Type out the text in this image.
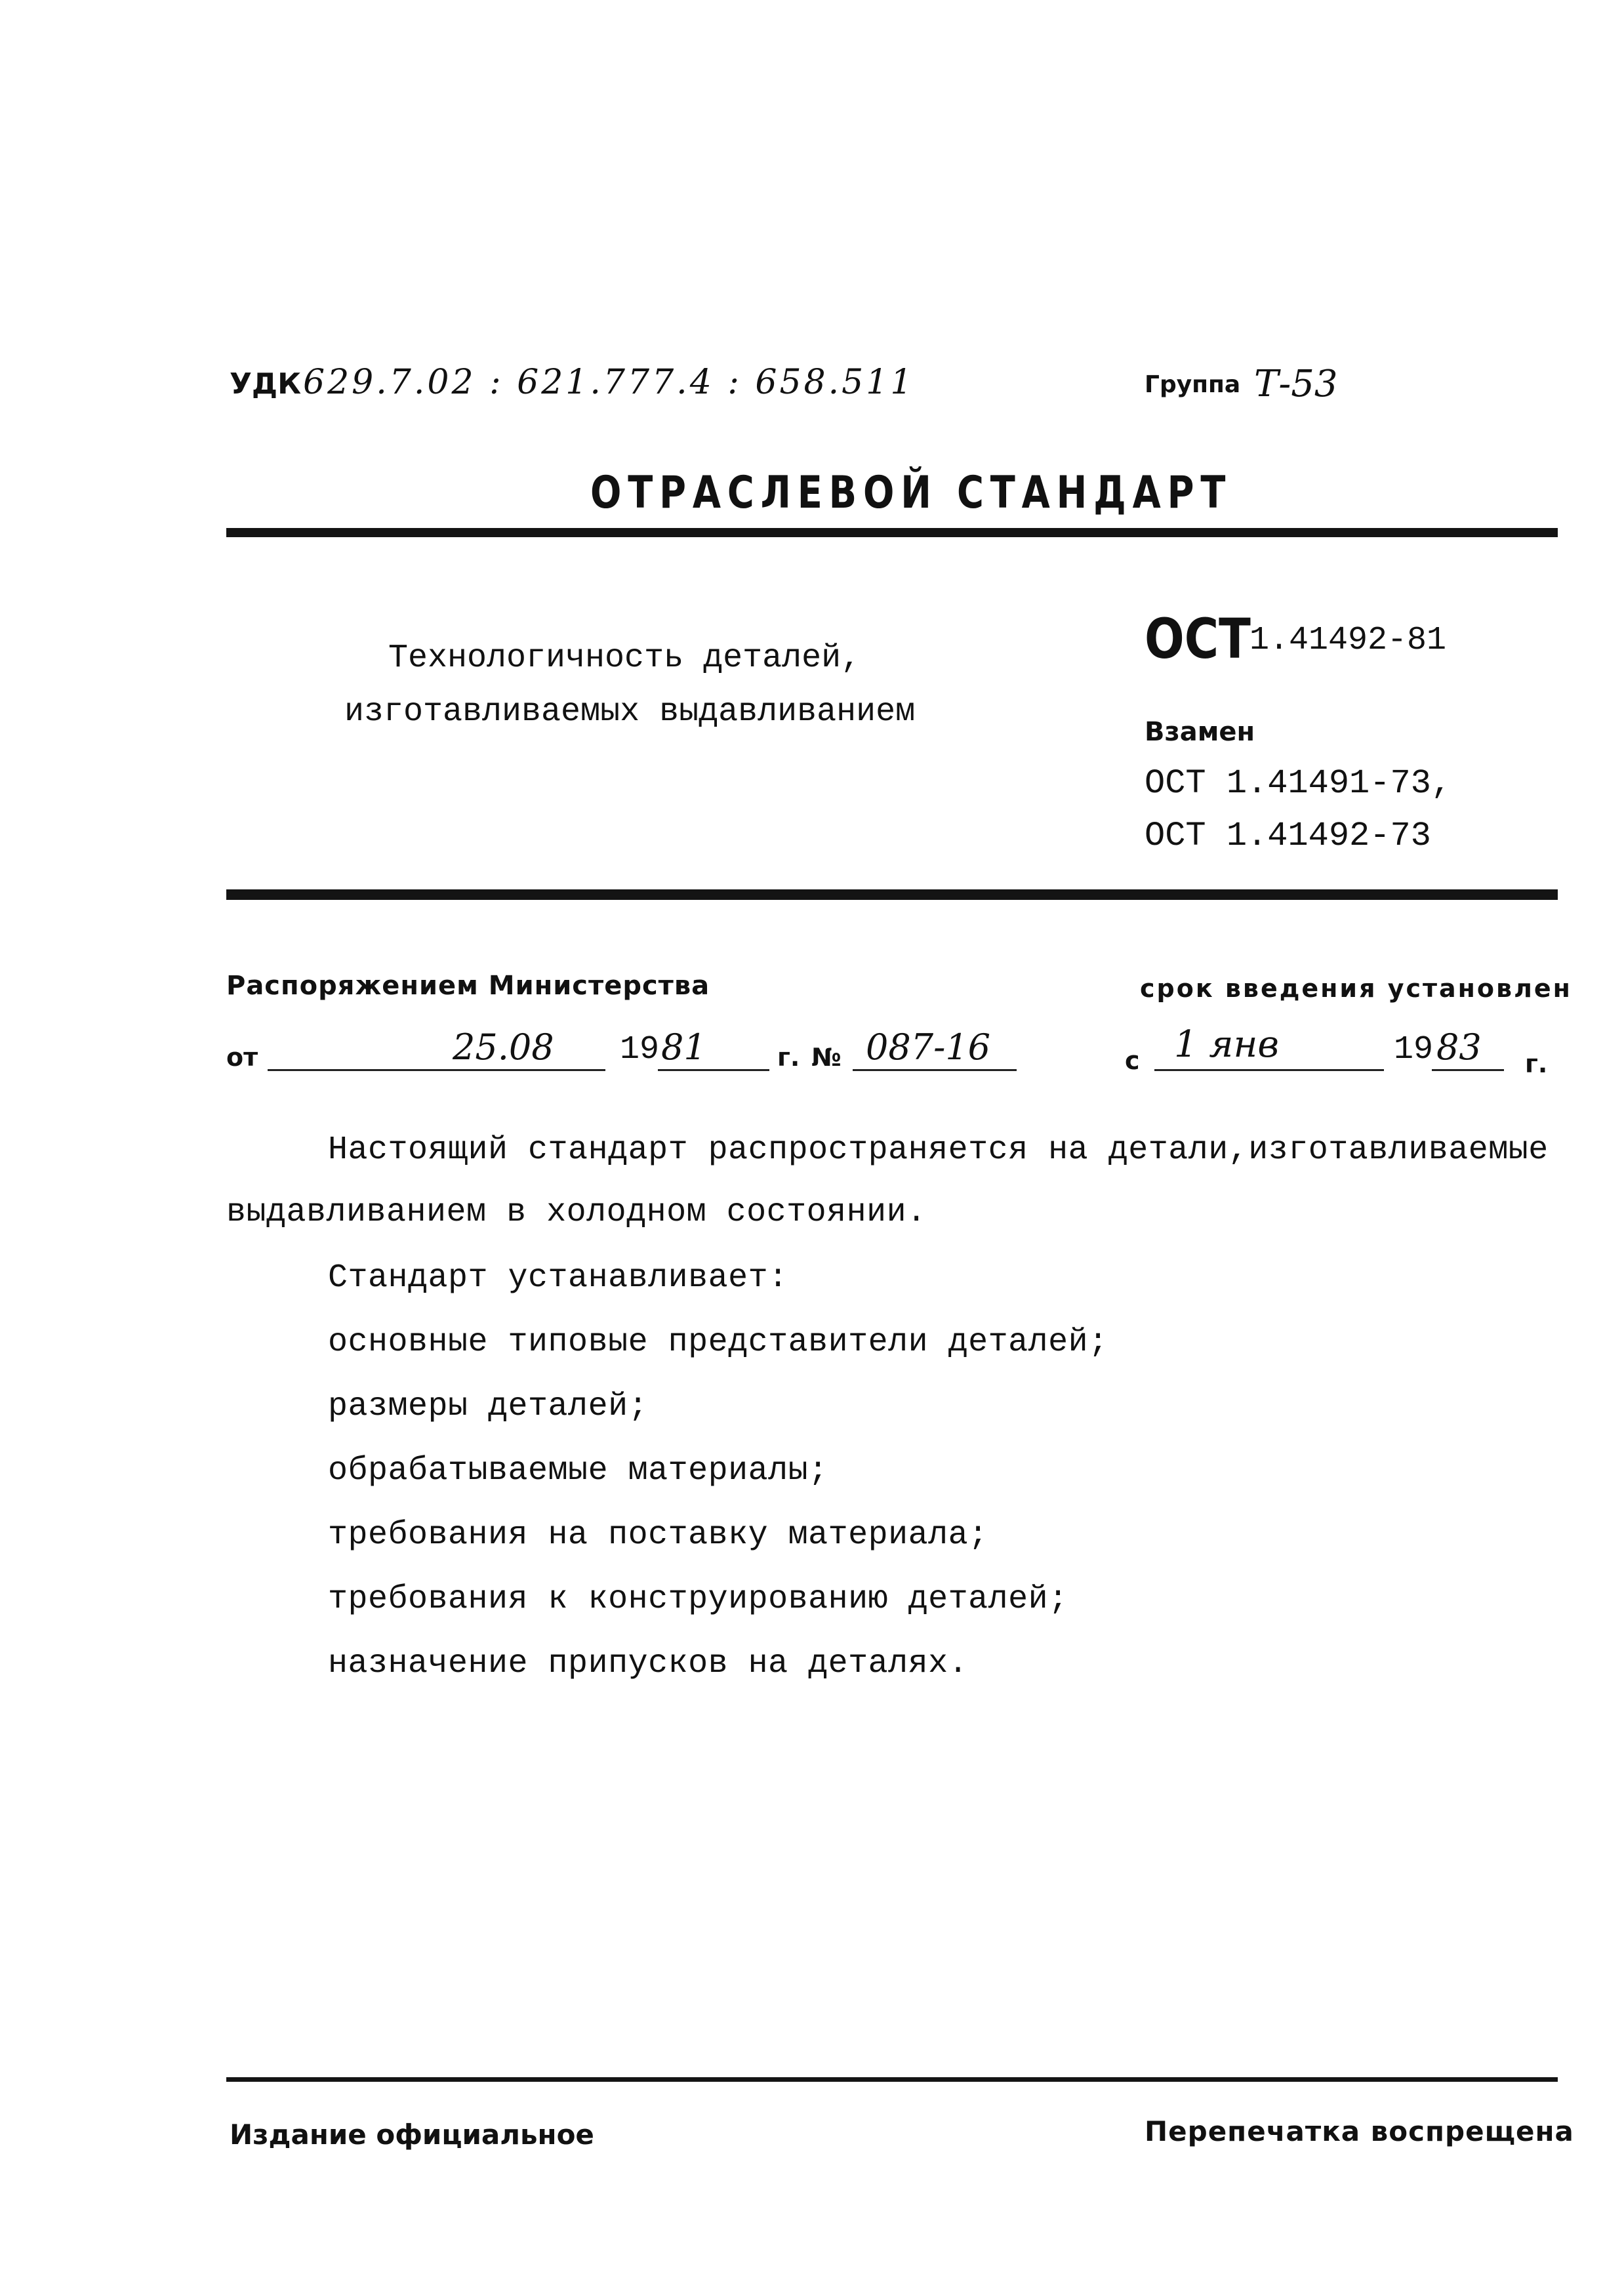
УДК 629.7.02 : 621.777.4 : 658.511	Группа Т-53
ОТРАСЛЕВОЙ СТАНДАРТ
Технологичность деталей,
изготавливаемых выдавливанием
ОСТ
1.41492-81
Взамен
ОСТ 1.41491-73,
ОСТ 1.41492-73
Распоряжением Министерства	срок введения установлен
от	25.08 19 81	г. № 087-16	с 1 янв	19 83 г.
Настоящий стандарт распространяется на детали,изготавливаемые
выдавливанием в холодном состоянии.
Стандарт устанавливает:
основные типовые представители деталей;
размеры деталей;
обрабатываемые материалы;
требования на поставку материала;
требования к конструированию деталей;
назначение припусков на деталях.
Издание официальное	Перепечатка воспрещена
